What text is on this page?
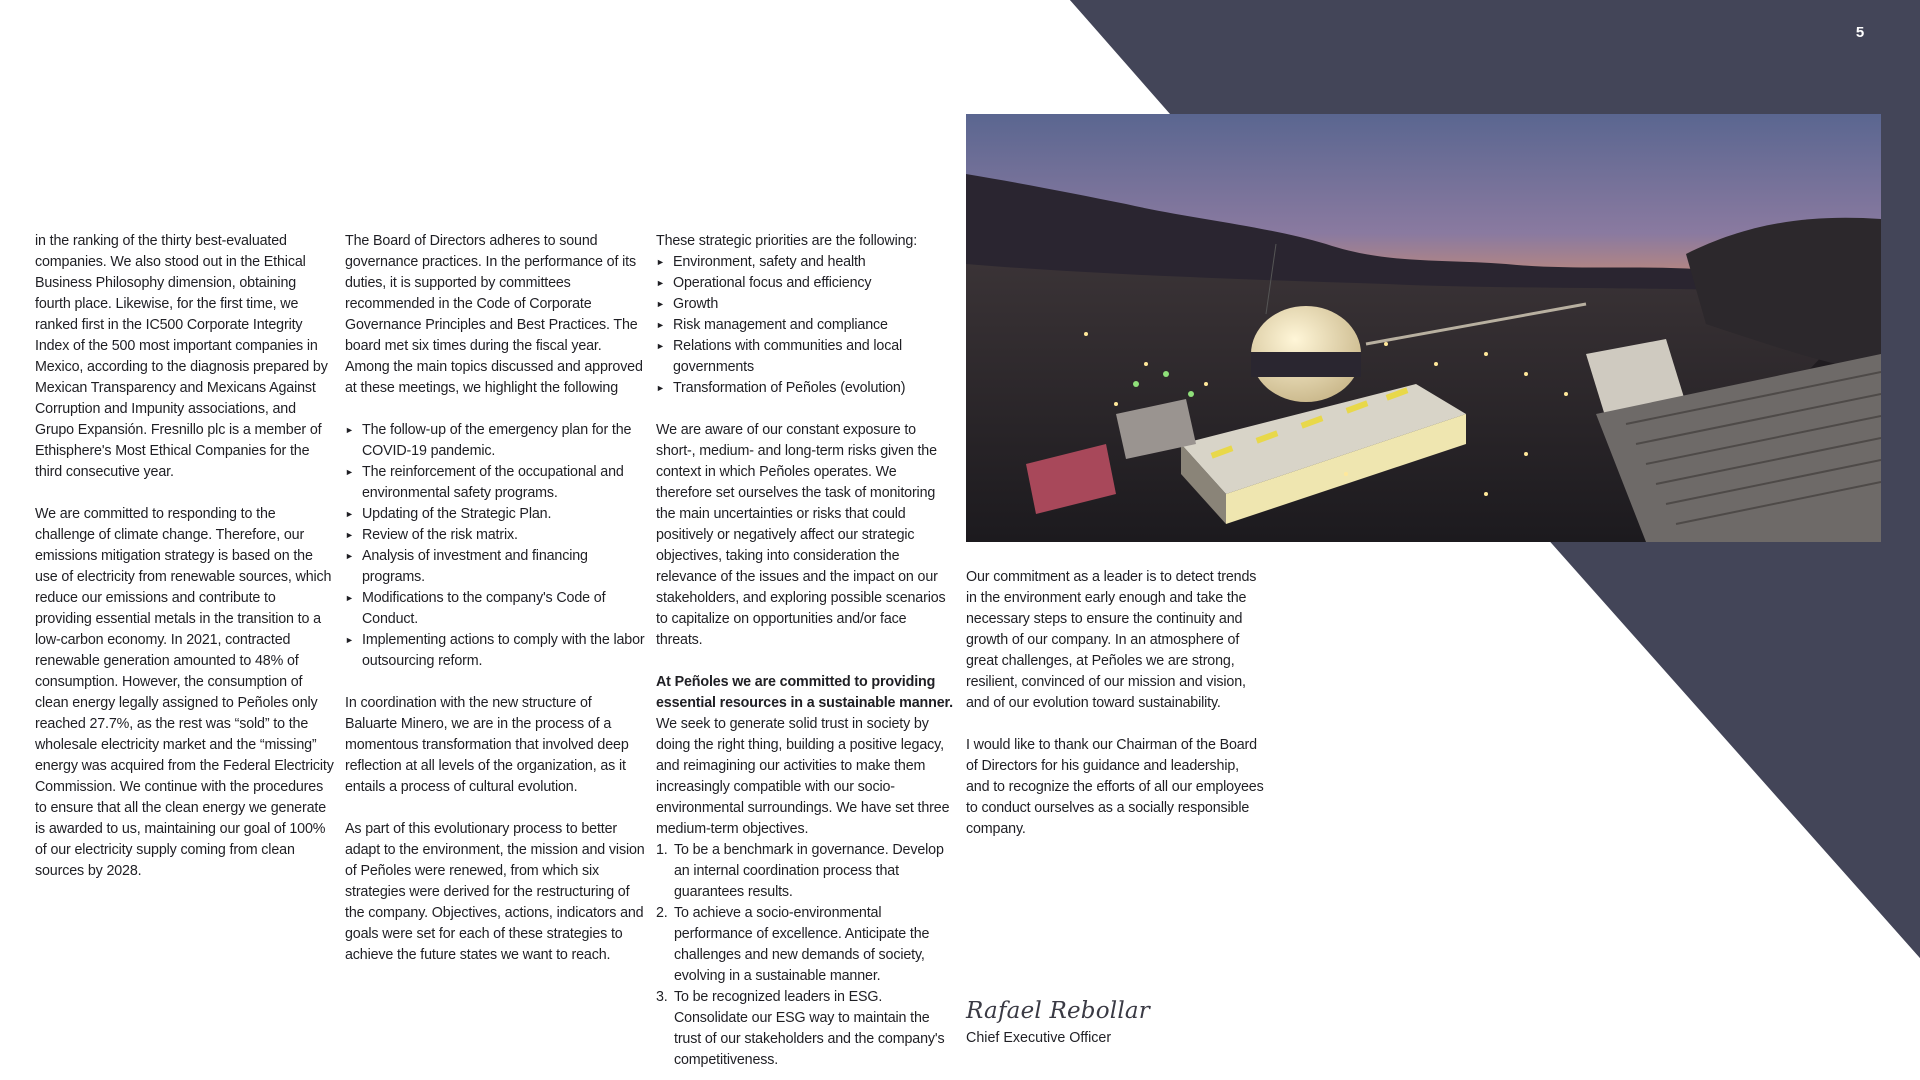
5

in the ranking of the thirty best-evaluated companies. We also stood out in the Ethical Business Philosophy dimension, obtaining fourth place. Likewise, for the first time, we ranked first in the IC500 Corporate Integrity Index of the 500 most important companies in Mexico, according to the diagnosis prepared by Mexican Transparency and Mexicans Against Corruption and Impunity associations, and Grupo Expansión. Fresnillo plc is a member of Ethisphere's Most Ethical Companies for the third consecutive year.

We are committed to responding to the challenge of climate change. Therefore, our emissions mitigation strategy is based on the use of electricity from renewable sources, which reduce our emissions and contribute to providing essential metals in the transition to a low-carbon economy. In 2021, contracted renewable generation amounted to 48% of consumption. However, the consumption of clean energy legally assigned to Peñoles only reached 27.7%, as the rest was “sold” to the wholesale electricity market and the “missing” energy was acquired from the Federal Electricity Commission. We continue with the procedures to ensure that all the clean energy we generate is awarded to us, maintaining our goal of 100% of our electricity supply coming from clean sources by 2028.

The Board of Directors adheres to sound governance practices. In the performance of its duties, it is supported by committees recommended in the Code of Corporate Governance Principles and Best Practices. The board met six times during the fiscal year. Among the main topics discussed and approved at these meetings, we highlight the following

► The follow-up of the emergency plan for the COVID-19 pandemic.
► The reinforcement of the occupational and environmental safety programs.
► Updating of the Strategic Plan.
► Review of the risk matrix.
► Analysis of investment and financing programs.
► Modifications to the company's Code of Conduct.
► Implementing actions to comply with the labor outsourcing reform.

In coordination with the new structure of Baluarte Minero, we are in the process of a momentous transformation that involved deep reflection at all levels of the organization, as it entails a process of cultural evolution.

As part of this evolutionary process to better adapt to the environment, the mission and vision of Peñoles were renewed, from which six strategies were derived for the restructuring of the company. Objectives, actions, indicators and goals were set for each of these strategies to achieve the future states we want to reach.

These strategic priorities are the following:

► Environment, safety and health
► Operational focus and efficiency
► Growth
► Risk management and compliance
► Relations with communities and local governments
► Transformation of Peñoles (evolution)

We are aware of our constant exposure to short-, medium- and long-term risks given the context in which Peñoles operates. We therefore set ourselves the task of monitoring the main uncertainties or risks that could positively or negatively affect our strategic objectives, taking into consideration the relevance of the issues and the impact on our stakeholders, and exploring possible scenarios to capitalize on opportunities and/or face threats.

At Peñoles we are committed to providing essential resources in a sustainable manner.

We seek to generate solid trust in society by doing the right thing, building a positive legacy, and reimagining our activities to make them increasingly compatible with our socio-environmental surroundings. We have set three medium-term objectives.

1. To be a benchmark in governance. Develop an internal coordination process that guarantees results.
2. To achieve a socio-environmental performance of excellence. Anticipate the challenges and new demands of society, evolving in a sustainable manner.
3. To be recognized leaders in ESG. Consolidate our ESG way to maintain the trust of our stakeholders and the company's competitiveness.

Our commitment as a leader is to detect trends in the environment early enough and take the necessary steps to ensure the continuity and growth of our company. In an atmosphere of great challenges, at Peñoles we are strong, resilient, convinced of our mission and vision, and of our evolution toward sustainability.

I would like to thank our Chairman of the Board of Directors for his guidance and leadership, and to recognize the efforts of all our employees to conduct ourselves as a socially responsible company.

Rafael Rebollar
Chief Executive Officer
